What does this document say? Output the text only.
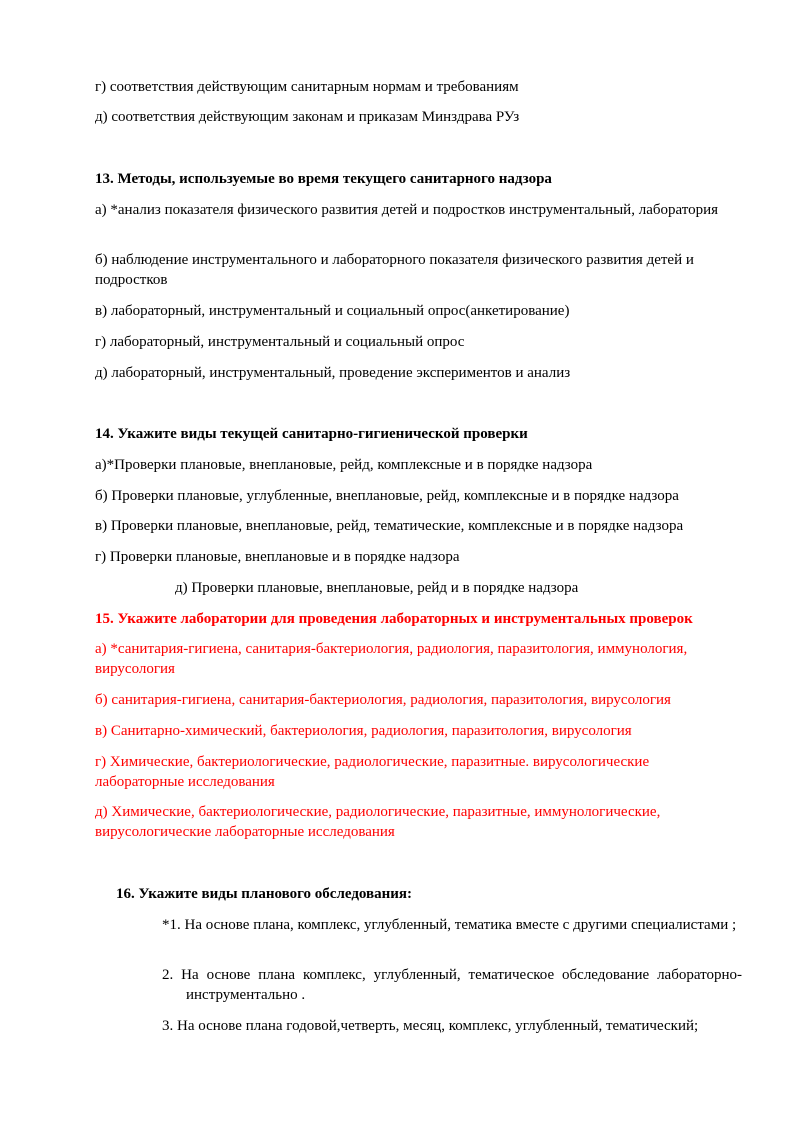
г) соответствия действующим санитарным нормам и требованиям

д) соответствия действующим законам и приказам Минздрава РУз

13. Методы, используемые во время текущего санитарного надзора

а) *анализ показателя физического развития детей и подростков инструментальный, лаборатория

б) наблюдение инструментального и лабораторного показателя физического развития детей и подростков

в) лабораторный, инструментальный и социальный опрос(анкетирование)

г) лабораторный, инструментальный и социальный опрос

д) лабораторный, инструментальный, проведение экспериментов и анализ

14. Укажите виды текущей санитарно-гигиенической проверки

а)*Проверки плановые, внеплановые, рейд, комплексные и в порядке надзора

б) Проверки плановые, углубленные, внеплановые, рейд, комплексные и в порядке надзора

в) Проверки плановые, внеплановые, рейд, тематические, комплексные и в порядке надзора

г) Проверки плановые, внеплановые и в порядке надзора

д) Проверки плановые, внеплановые, рейд и в порядке надзора

15. Укажите лаборатории для проведения лабораторных и инструментальных проверок

а) *санитария-гигиена, санитария-бактериология, радиология, паразитология, иммунология, вирусология

б) санитария-гигиена, санитария-бактериология, радиология, паразитология, вирусология

в) Санитарно-химический, бактериология, радиология, паразитология, вирусология

г) Химические, бактериологические, радиологические, паразитные. вирусологические лабораторные исследования

д) Химические, бактериологические, радиологические, паразитные, иммунологические, вирусологические лабораторные исследования

16. Укажите виды планового обследования:

*1. На основе плана, комплекс, углубленный, тематика вместе с другими специалистами ;

2. На основе плана комплекс, углубленный, тематическое обследование лабораторно-инструментально .

3. На основе плана годовой,четверть, месяц, комплекс, углубленный, тематический;
